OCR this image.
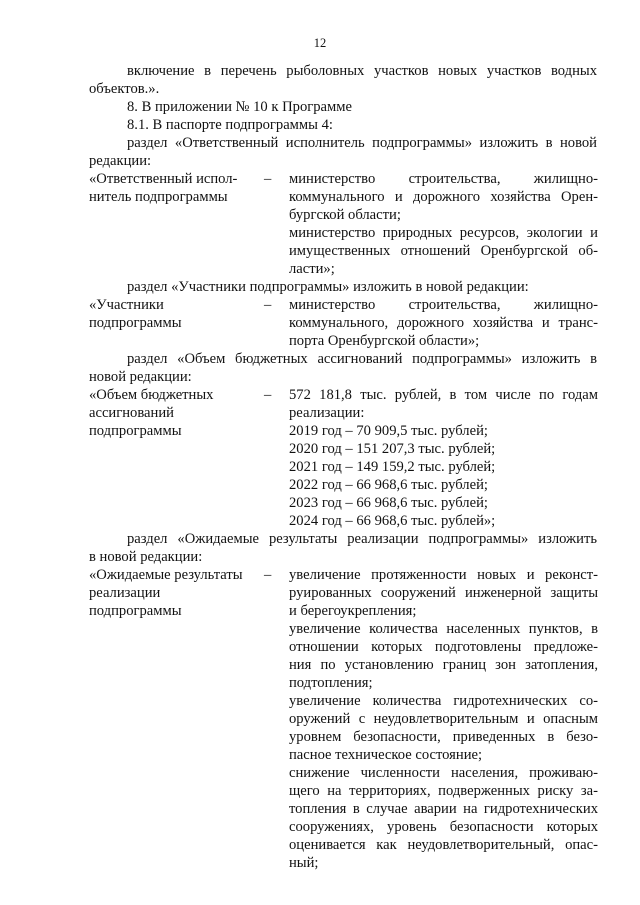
12
включение в перечень рыболовных участков новых участков водных
объектов.».
8. В приложении № 10 к Программе
8.1. В паспорте подпрограммы 4:
раздел «Ответственный исполнитель подпрограммы» изложить в новой
редакции:
«Ответственный испол-
нитель подпрограммы
– министерство строительства, жилищно-
коммунального и дорожного хозяйства Орен-
бургской области;
министерство природных ресурсов, экологии и
имущественных отношений Оренбургской об-
ласти»;
раздел «Участники подпрограммы» изложить в новой редакции:
«Участники
подпрограммы
– министерство строительства, жилищно-
коммунального, дорожного хозяйства и транс-
порта Оренбургской области»;
раздел «Объем бюджетных ассигнований подпрограммы» изложить в
новой редакции:
«Объем бюджетных
ассигнований
подпрограммы
– 572 181,8 тыс. рублей, в том числе по годам
реализации:
2019 год – 70 909,5 тыс. рублей;
2020 год – 151 207,3 тыс. рублей;
2021 год – 149 159,2 тыс. рублей;
2022 год – 66 968,6 тыс. рублей;
2023 год – 66 968,6 тыс. рублей;
2024 год – 66 968,6 тыс. рублей»;
раздел «Ожидаемые результаты реализации подпрограммы» изложить
в новой редакции:
«Ожидаемые результаты
реализации
подпрограммы
– увеличение протяженности новых и реконст-
руированных сооружений инженерной защиты
и берегоукрепления;
увеличение количества населенных пунктов, в
отношении которых подготовлены предложе-
ния по установлению границ зон затопления,
подтопления;
увеличение количества гидротехнических со-
оружений с неудовлетворительным и опасным
уровнем безопасности, приведенных в безо-
пасное техническое состояние;
снижение численности населения, проживаю-
щего на территориях, подверженных риску за-
топления в случае аварии на гидротехнических
сооружениях, уровень безопасности которых
оценивается как неудовлетворительный, опас-
ный;
